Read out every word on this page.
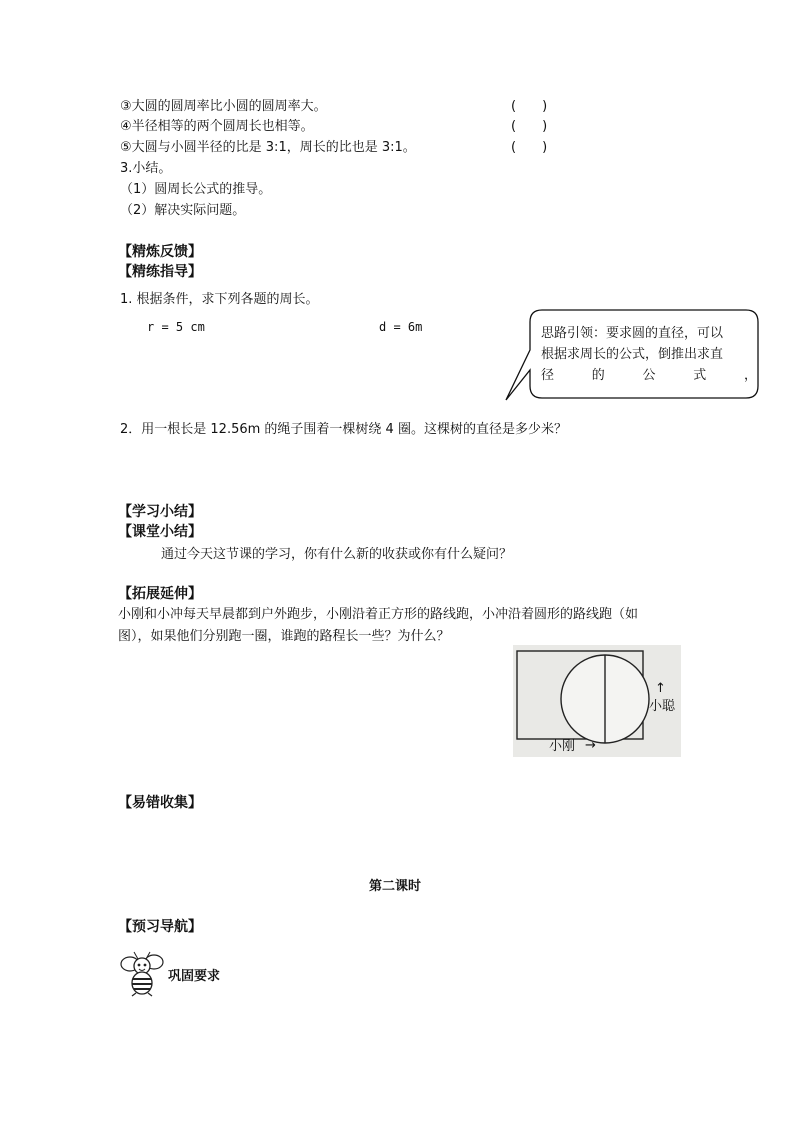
③大圆的圆周率比小圆的圆周率大。	(　　)
④半径相等的两个圆周长也相等。	(　　)
⑤大圆与小圆半径的比是 3:1，周长的比也是 3:1。	(　　)
3.小结。
（1）圆周长公式的推导。
（2）解决实际问题。
【精炼反馈】
【精练指导】
1. 根据条件，求下列各题的周长。
r = 5 cm	d = 6m	思路引领：要求圆的直径，可以
根据求周长的公式，倒推出求直
径	的	公	式	，
2．用一根长是 12.56m 的绳子围着一棵树绕 4 圈。这棵树的直径是多少米？
【学习小结】
【课堂小结】
通过今天这节课的学习，你有什么新的收获或你有什么疑问？
【拓展延伸】
小刚和小冲每天早晨都到户外跑步，小刚沿着正方形的路线跑，小冲沿着圆形的路线跑（如
图），如果他们分别跑一圈，谁跑的路程长一些？为什么？
小刚 →
↑
小聪
【易错收集】
第二课时
【预习导航】
巩固要求
